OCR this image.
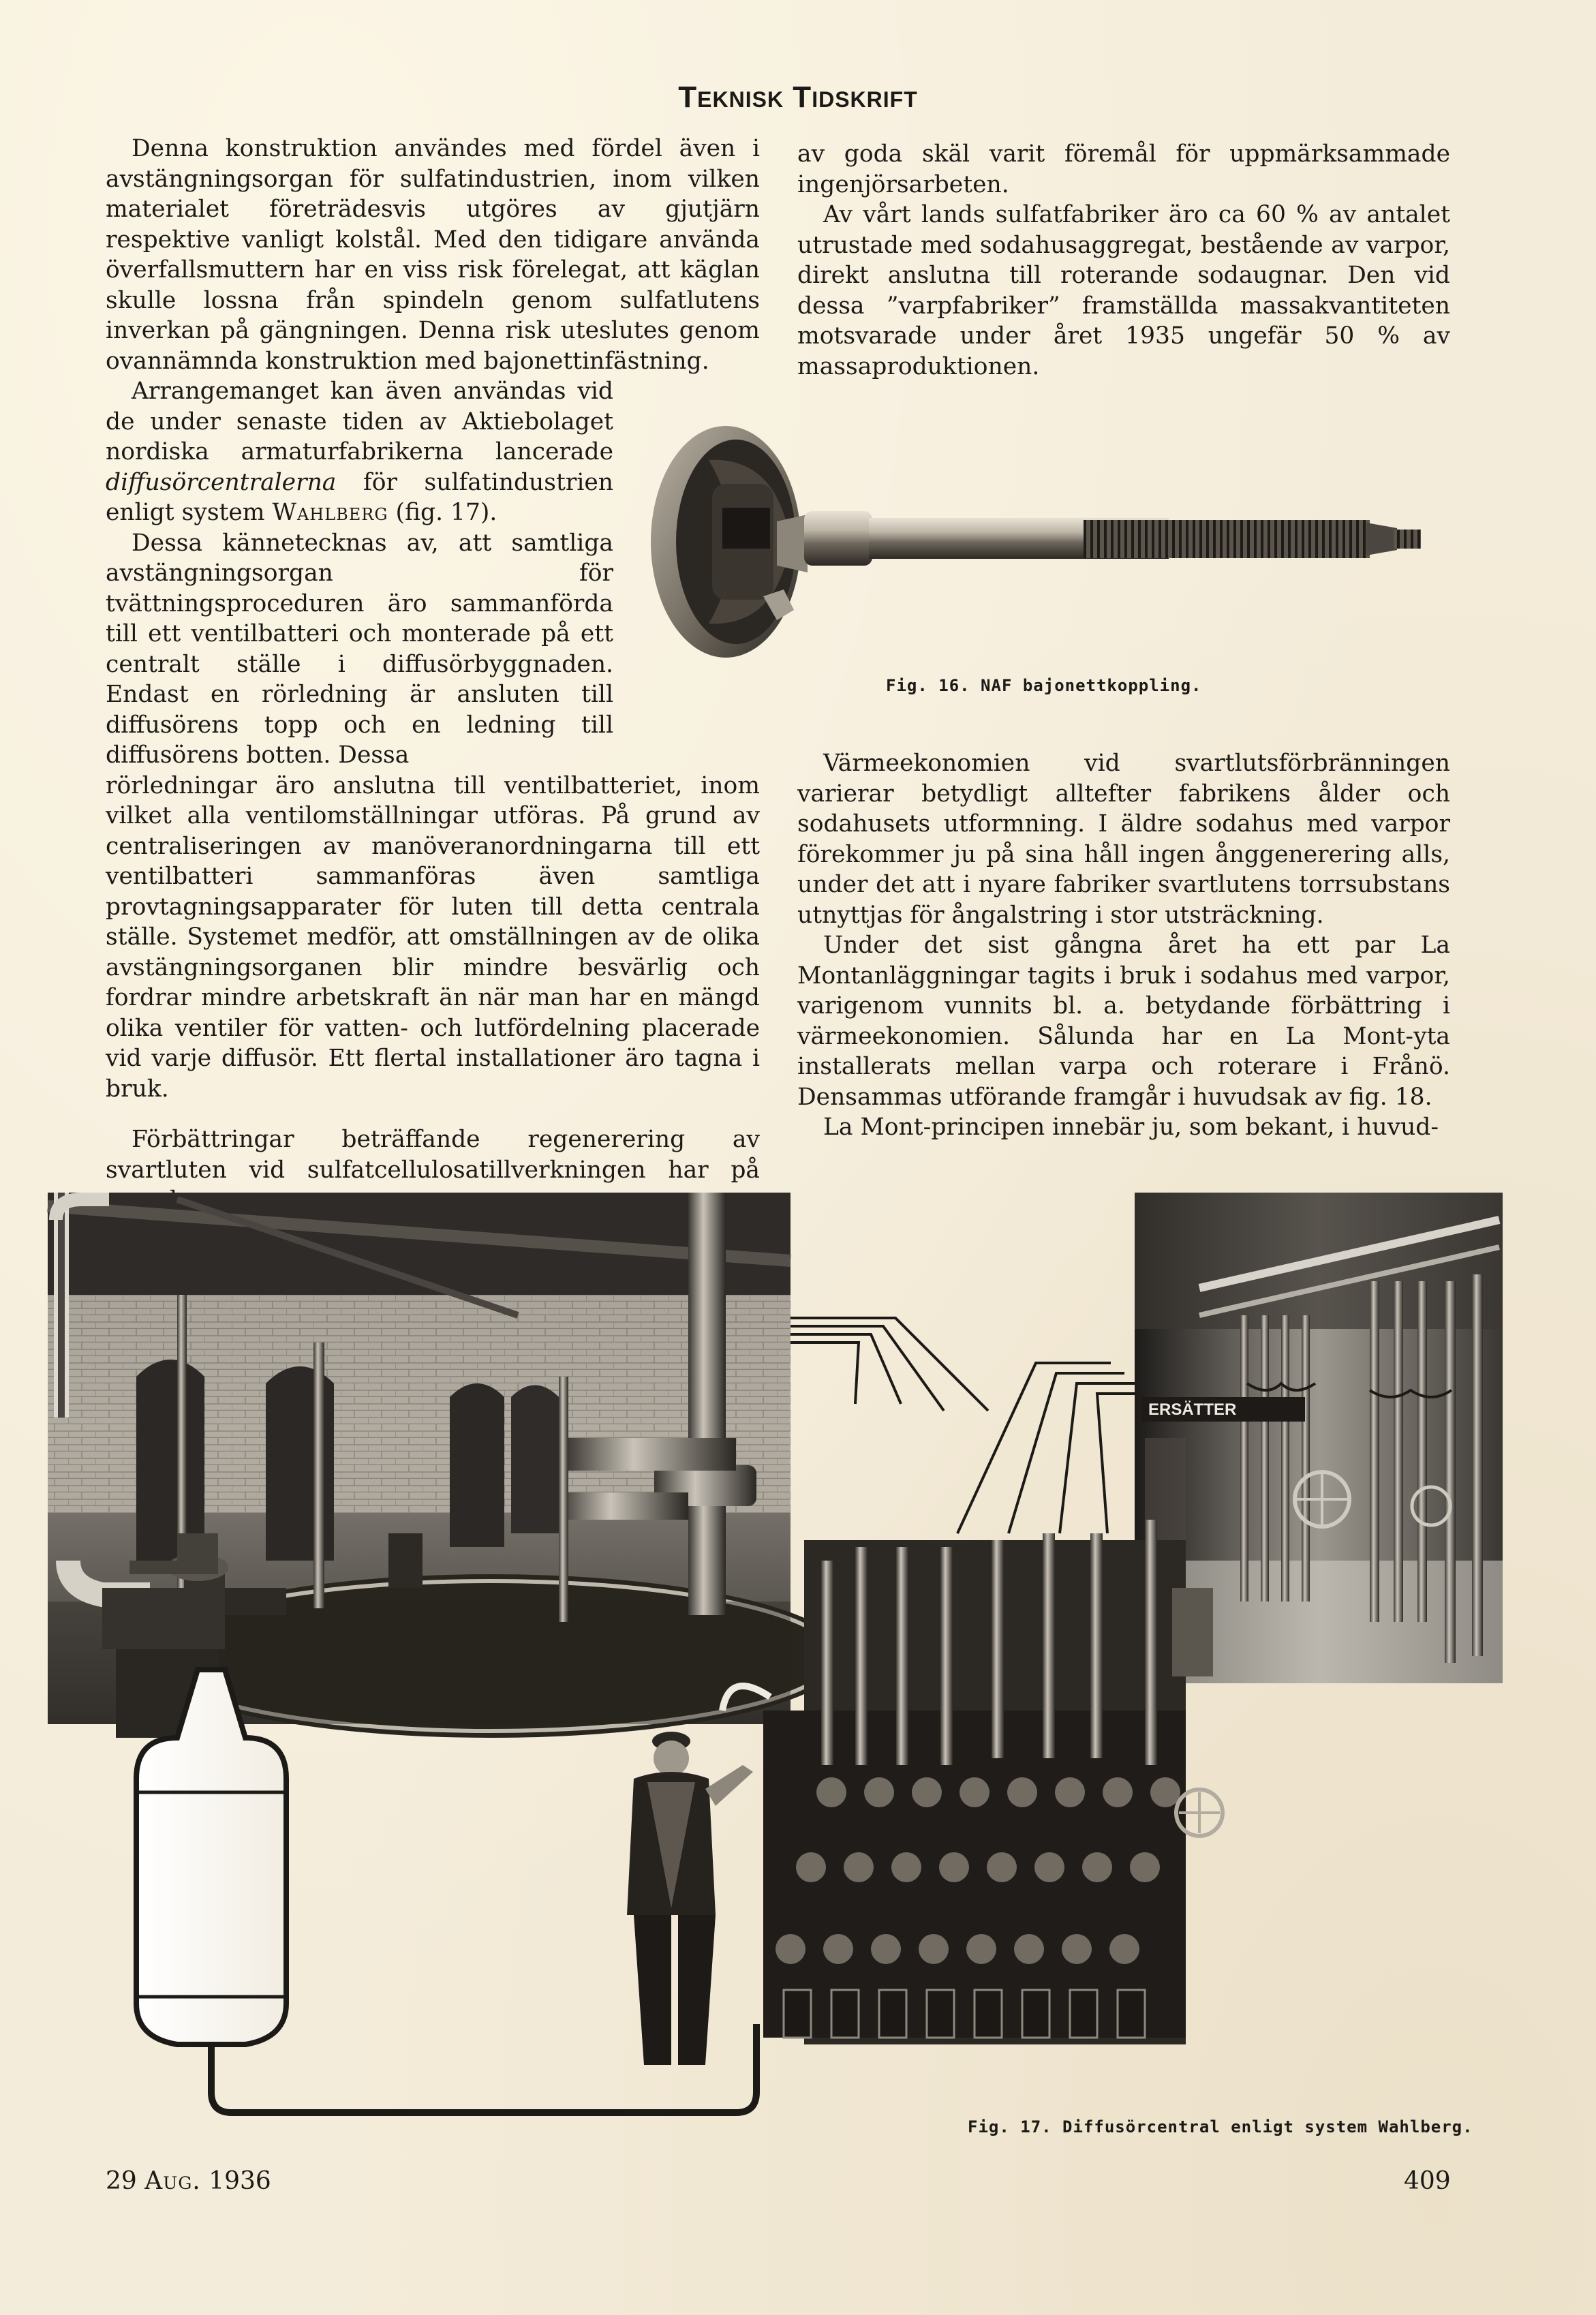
TEKNISK TIDSKRIFT

Denna konstruktion användes med fördel även i avstängningsorgan för sulfatindustrien, inom vilken materialet företrädesvis utgöres av gjutjärn respektive vanligt kolstål. Med den tidigare använda överfallsmuttern har en viss risk förelegat, att käglan skulle lossna från spindeln genom sulfatlutens inverkan på gängningen. Denna risk uteslutes genom ovannämnda konstruktion med bajonettinfästning.

Arrangemanget kan även användas vid de under senaste tiden av Aktiebolaget nordiska armaturfabrikerna lancerade diffusörcentralerna för sulfatindustrien enligt system Wahlberg (fig. 17).

Dessa kännetecknas av, att samtliga avstängningsorgan för tvättningsproceduren äro sammanförda till ett ventilbatteri och monterade på ett centralt ställe i diffusörbyggnaden. Endast en rörledning är ansluten till diffusörens topp och en ledning till diffusörens botten. Dessa

rörledningar äro anslutna till ventilbatteriet, inom vilket alla ventilomställningar utföras. På grund av centraliseringen av manöveranordningarna till ett ventilbatteri sammanföras även samtliga provtagningsapparater för luten till detta centrala ställe. Systemet medför, att omställningen av de olika avstängningsorganen blir mindre besvärlig och fordrar mindre arbetskraft än när man har en mängd olika ventiler för vatten- och lutfördelning placerade vid varje diffusör. Ett flertal installationer äro tagna i bruk.

Förbättringar beträffande regenerering av svartluten vid sulfatcellulosatillverkningen har på

av goda skäl varit föremål för uppmärksammade ingenjörsarbeten.

Av vårt lands sulfatfabriker äro ca 60 % av antalet utrustade med sodahusaggregat, bestående av varpor, direkt anslutna till roterande sodaugnar. Den vid dessa ”varpfabriker” framställda massakvantiteten motsvarade under året 1935 ungefär 50 % av massaproduktionen.

Värmeekonomien vid svartlutsförbränningen varierar betydligt alltefter fabrikens ålder och sodahusets utformning. I äldre sodahus med varpor förekommer ju på sina håll ingen ånggenerering alls, under det att i nyare fabriker svartlutens torrsubstans utnyttjas för ångalstring i stor utsträckning.

Under det sist gångna året ha ett par La Montanläggningar tagits i bruk i sodahus med varpor, varigenom vunnits bl. a. betydande förbättring i värmeekonomien. Sålunda har en La Mont-yta installerats mellan varpa och roterare i Frånö. Densammas utförande framgår i huvudsak av fig. 18.

La Mont-principen innebär ju, som bekant, i huvud-

Fig. 16. NAF bajonettkoppling.
ERSÄTTER
Fig. 17. Diffusörcentral enligt system Wahlberg.
29 Aug. 1936	409
